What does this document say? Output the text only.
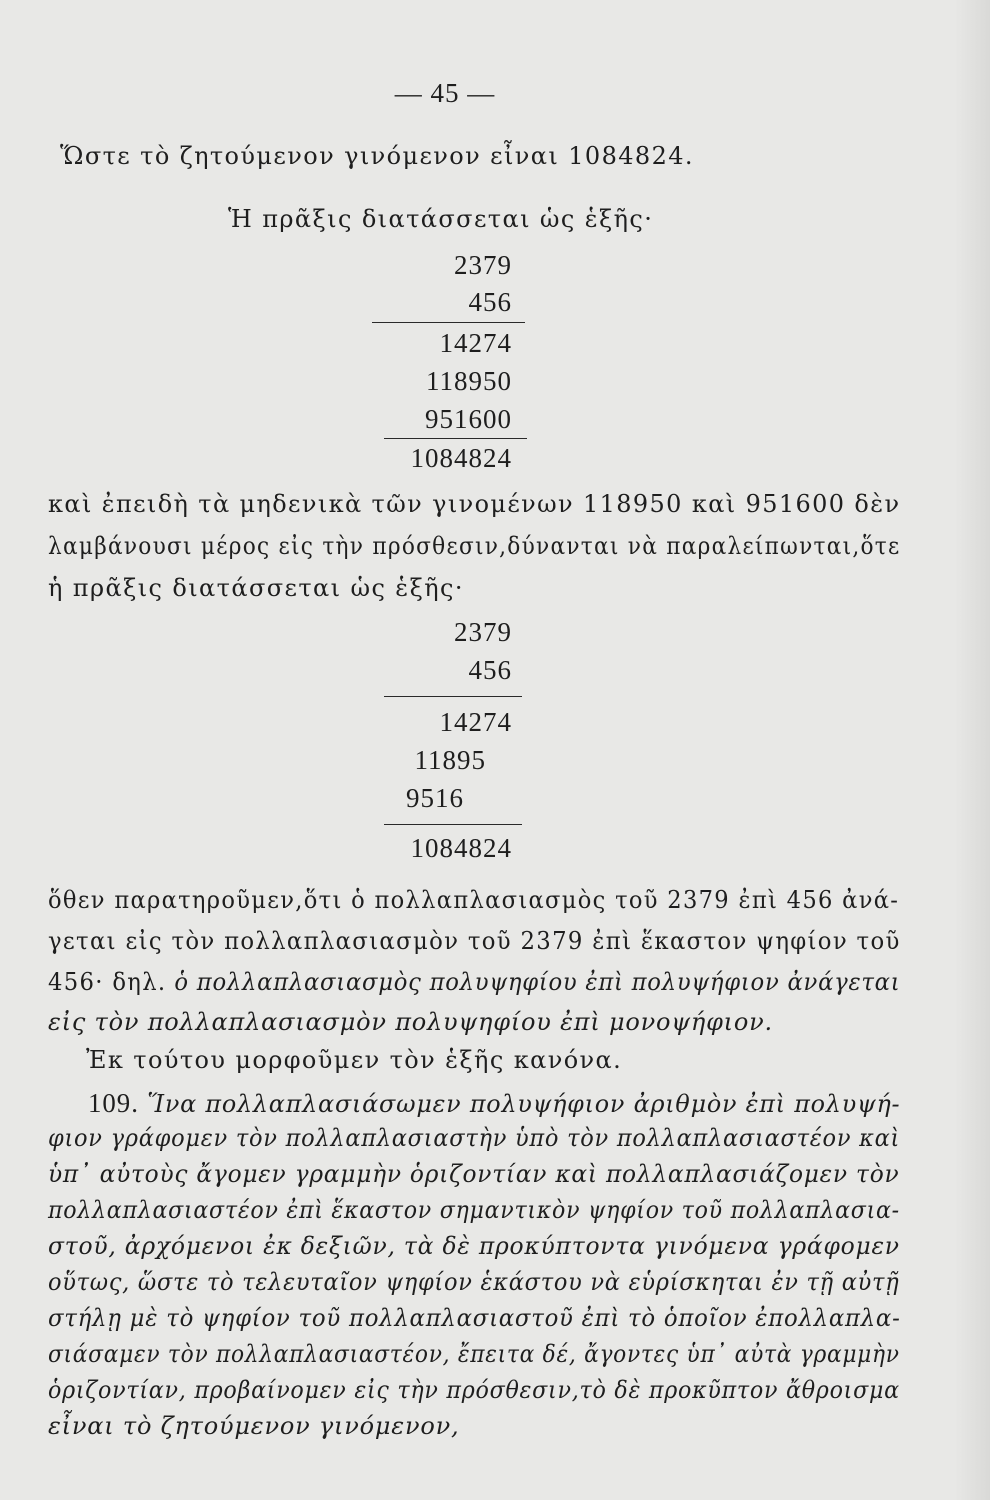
— 45 —
Ὥστε τὸ ζητούμενον γινόμενον εἶναι 1084824.
Ἡ πρᾶξις διατάσσεται ὡς ἑξῆς·
2379
456
14274
118950
951600
1084824
καὶ ἐπειδὴ τὰ μηδενικὰ τῶν γινομένων 118950 καὶ 951600 δὲν
λαμβάνουσι μέρος εἰς τὴν πρόσθεσιν,δύνανται νὰ παραλείπωνται,ὅτε
ἡ πρᾶξις διατάσσεται ὡς ἑξῆς·
2379
456
14274
11895
9516
1084824
ὅθεν παρατηροῦμεν,ὅτι ὁ πολλαπλασιασμὸς τοῦ 2379 ἐπὶ 456 ἀνά-
γεται εἰς τὸν πολλαπλασιασμὸν τοῦ 2379 ἐπὶ ἕκαστον ψηφίον τοῦ
456· δηλ. ὁ πολλαπλασιασμὸς πολυψηφίου ἐπὶ πολυψήφιον ἀνάγεται
εἰς τὸν πολλαπλασιασμὸν πολυψηφίου ἐπὶ μονοψήφιον.
Ἐκ τούτου μορφοῦμεν τὸν ἑξῆς κανόνα.
109. Ἵνα πολλαπλασιάσωμεν πολυψήφιον ἀριθμὸν ἐπὶ πολυψή-
φιον γράφομεν τὸν πολλαπλασιαστὴν ὑπὸ τὸν πολλαπλασιαστέον καὶ
ὑπ᾿ αὐτοὺς ἄγομεν γραμμὴν ὁριζοντίαν καὶ πολλαπλασιάζομεν τὸν
πολλαπλασιαστέον ἐπὶ ἕκαστον σημαντικὸν ψηφίον τοῦ πολλαπλασια-
στοῦ, ἀρχόμενοι ἐκ δεξιῶν, τὰ δὲ προκύπτοντα γινόμενα γράφομεν
οὕτως, ὥστε τὸ τελευταῖον ψηφίον ἑκάστου νὰ εὑρίσκηται ἐν τῇ αὐτῇ
στήλῃ μὲ τὸ ψηφίον τοῦ πολλαπλασιαστοῦ ἐπὶ τὸ ὁποῖον ἐπολλαπλα-
σιάσαμεν τὸν πολλαπλασιαστέον, ἔπειτα δέ, ἄγοντες ὑπ᾿ αὐτὰ γραμμὴν
ὁριζοντίαν, προβαίνομεν εἰς τὴν πρόσθεσιν,τὸ δὲ προκῦπτον ἄθροισμα
εἶναι τὸ ζητούμενον γινόμενον,
